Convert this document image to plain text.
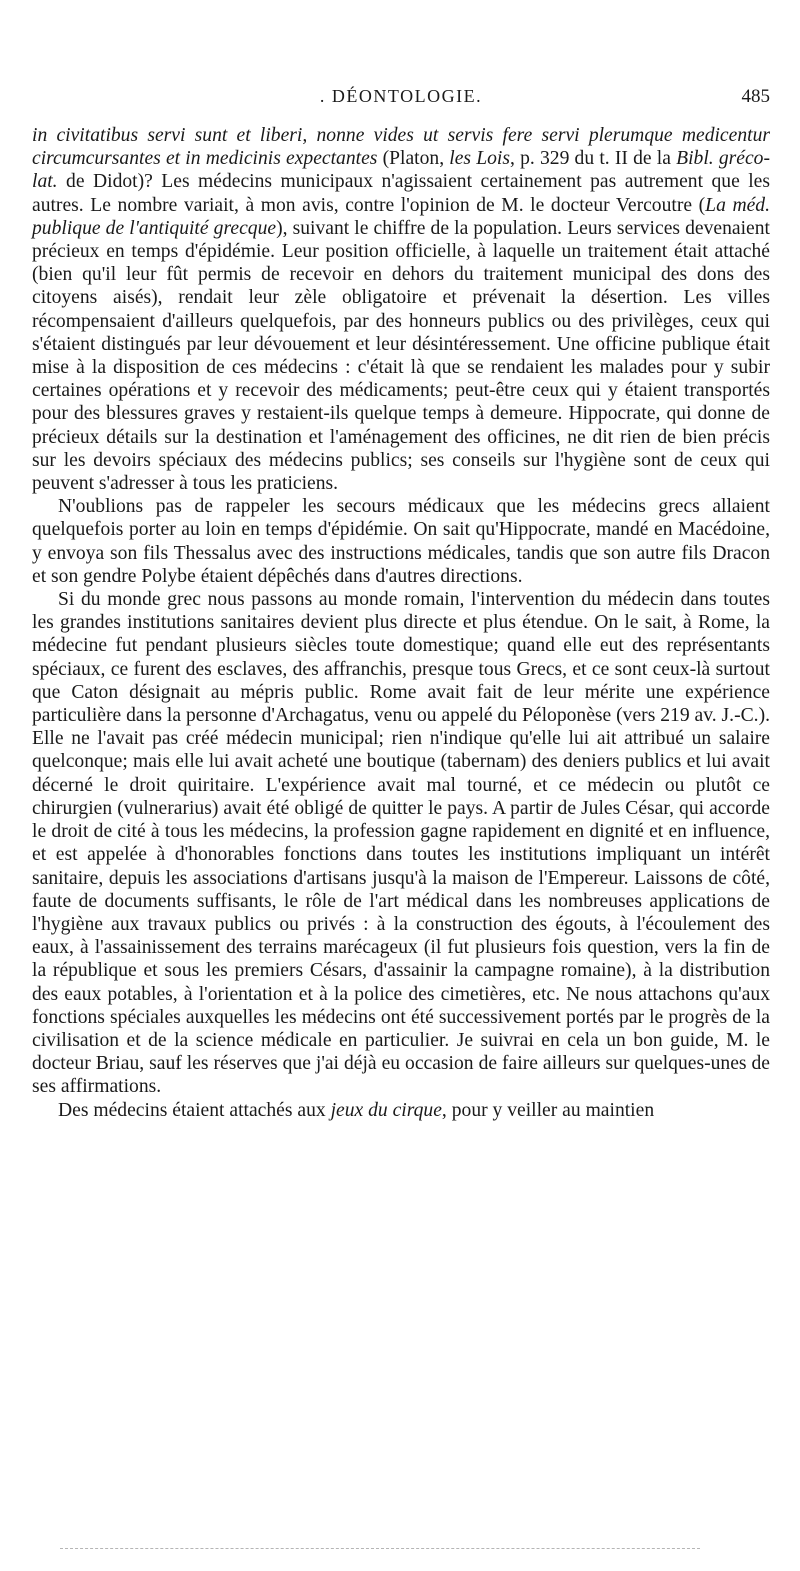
. DÉONTOLOGIE.	485

in civitatibus servi sunt et liberi, nonne vides ut servis fere servi plerumque medicentur circumcursantes et in medicinis expectantes (Platon, les Lois, p. 329 du t. II de la Bibl. gréco-lat. de Didot)? Les médecins municipaux n'agissaient certainement pas autrement que les autres. Le nombre variait, à mon avis, contre l'opinion de M. le docteur Vercoutre (La méd. publique de l'antiquité grecque), suivant le chiffre de la population. Leurs services devenaient précieux en temps d'épidémie. Leur position officielle, à laquelle un traitement était attaché (bien qu'il leur fût permis de recevoir en dehors du traitement municipal des dons des citoyens aisés), rendait leur zèle obligatoire et prévenait la désertion. Les villes récompensaient d'ailleurs quelquefois, par des honneurs publics ou des privilèges, ceux qui s'étaient distingués par leur dévouement et leur désintéressement. Une officine publique était mise à la disposition de ces médecins : c'était là que se rendaient les malades pour y subir certaines opérations et y recevoir des médicaments; peut-être ceux qui y étaient transportés pour des blessures graves y restaient-ils quelque temps à demeure. Hippocrate, qui donne de précieux détails sur la destination et l'aménagement des officines, ne dit rien de bien précis sur les devoirs spéciaux des médecins publics; ses conseils sur l'hygiène sont de ceux qui peuvent s'adresser à tous les praticiens.

N'oublions pas de rappeler les secours médicaux que les médecins grecs allaient quelquefois porter au loin en temps d'épidémie. On sait qu'Hippocrate, mandé en Macédoine, y envoya son fils Thessalus avec des instructions médicales, tandis que son autre fils Dracon et son gendre Polybe étaient dépêchés dans d'autres directions.

Si du monde grec nous passons au monde romain, l'intervention du médecin dans toutes les grandes institutions sanitaires devient plus directe et plus étendue. On le sait, à Rome, la médecine fut pendant plusieurs siècles toute domestique; quand elle eut des représentants spéciaux, ce furent des esclaves, des affranchis, presque tous Grecs, et ce sont ceux-là surtout que Caton désignait au mépris public. Rome avait fait de leur mérite une expérience particulière dans la personne d'Archagatus, venu ou appelé du Péloponèse (vers 219 av. J.-C.). Elle ne l'avait pas créé médecin municipal; rien n'indique qu'elle lui ait attribué un salaire quelconque; mais elle lui avait acheté une boutique (tabernam) des deniers publics et lui avait décerné le droit quiritaire. L'expérience avait mal tourné, et ce médecin ou plutôt ce chirurgien (vulnerarius) avait été obligé de quitter le pays. A partir de Jules César, qui accorde le droit de cité à tous les médecins, la profession gagne rapidement en dignité et en influence, et est appelée à d'honorables fonctions dans toutes les institutions impliquant un intérêt sanitaire, depuis les associations d'artisans jusqu'à la maison de l'Empereur. Laissons de côté, faute de documents suffisants, le rôle de l'art médical dans les nombreuses applications de l'hygiène aux travaux publics ou privés : à la construction des égouts, à l'écoulement des eaux, à l'assainissement des terrains marécageux (il fut plusieurs fois question, vers la fin de la république et sous les premiers Césars, d'assainir la campagne romaine), à la distribution des eaux potables, à l'orientation et à la police des cimetières, etc. Ne nous attachons qu'aux fonctions spéciales auxquelles les médecins ont été successivement portés par le progrès de la civilisation et de la science médicale en particulier. Je suivrai en cela un bon guide, M. le docteur Briau, sauf les réserves que j'ai déjà eu occasion de faire ailleurs sur quelques-unes de ses affirmations.

Des médecins étaient attachés aux jeux du cirque, pour y veiller au maintien
